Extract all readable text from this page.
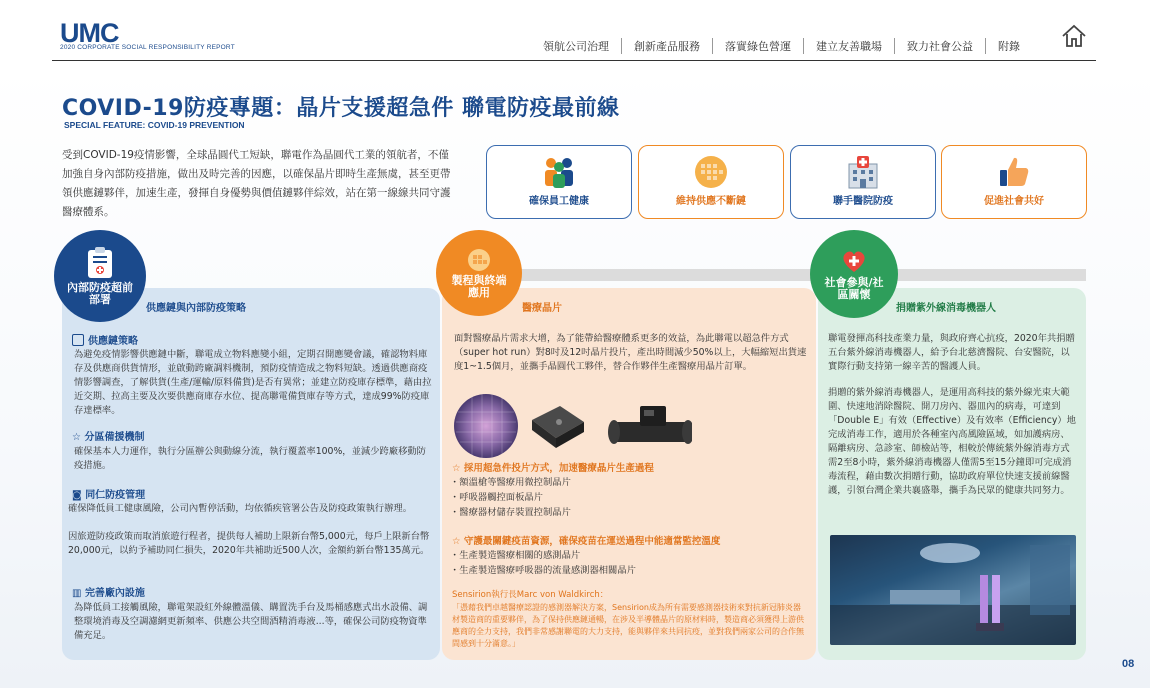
UMC
2020 CORPORATE SOCIAL RESPONSIBILITY REPORT	領航公司治理	創新產品服務	落實綠色營運	建立友善職場	致力社會公益	附錄
COVID-19防疫專題：晶片支援超急件 聯電防疫最前線
SPECIAL FEATURE: COVID-19 PREVENTION
受到COVID-19疫情影響，全球晶圓代工短缺，聯電作為晶圓代工業的領航者，不僅加強自身內部防疫措施，做出及時完善的因應，以確保晶片即時生產無虞，甚至更帶領供應鏈夥伴，加速生產，發揮自身優勢與價值鏈夥伴綜效，站在第一線線共同守護醫療體系。
確保員工健康	維持供應不斷鏈	聯手醫院防疫	促進社會共好
內部防疫超前部署
供應鏈與內部防疫策略
供應鏈策略
為避免疫情影響供應鏈中斷，聯電成立物料應變小組，定期召開應變會議，確認物料庫存及供應商供貨情形，並啟動跨廠調料機制，預防疫情造成之物料短缺。透過供應商疫情影響調查，了解供貨(生產/運輸/原料備貨)是否有異常；並建立防疫庫存標準，藉由拉近交期、拉高主要及次要供應商庫存水位、提高聯電備貨庫存等方式，達成99%防疫庫存達標率。
☆ 分區備援機制
確保基本人力運作，執行分區辦公與動線分流，執行覆蓋率100%，並減少跨廠移動防疫措施。
◙ 同仁防疫管理
確保降低員工健康風險，公司內暫停活動，均依循疾管署公告及防疫政策執行辦理。
因旅遊防疫政策而取消旅遊行程者，提供每人補助上限新台幣5,000元，每戶上限新台幣20,000元，以約予補助同仁損失，2020年共補助近500人次，金額約新台幣135萬元。
▥ 完善廠內設施
為降低員工接觸風險，聯電架設紅外線體溫儀、購置洗手台及馬桶感應式出水設備、調整環境消毒及空調濾網更新頻率、供應公共空間酒精消毒液...等，確保公司防疫物資準備充足。
製程與終端應用
醫療晶片
面對醫療晶片需求大增，為了能帶給醫療體系更多的效益，為此聯電以超急件方式（super hot run）對8吋及12吋晶片投片，產出時間減少50%以上，大幅縮短出貨速度1~1.5個月，並攜手晶圓代工夥伴，替合作夥伴生產醫療用晶片訂單。
☆ 採用超急件投片方式，加速醫療晶片生產過程
・額溫槍等醫療用微控制晶片
・呼吸器觸控面板晶片
・醫療器材儲存裝置控制晶片
☆ 守護最關鍵疫苗資源，確保疫苗在運送過程中能適當監控溫度
・生產製造醫療相關的感測晶片
・生產製造醫療呼吸器的流量感測器相關晶片
Sensirion執行長Marc von Waldkirch：
「憑藉我們卓越醫療認證的感測器解決方案，Sensirion成為所有需要感測器技術來對抗新冠肺炎器材製造商的重要夥伴，為了保持供應鏈通暢，在涉及半導體晶片的原材料時，製造商必須獲得上游供應商的全力支持，我們非常感謝聯電的大力支持，能與夥伴來共同抗疫，並對我們兩家公司的合作無間感到十分滿意。」
社會參與/社區關懷
捐贈紫外線消毒機器人
聯電發揮高科技產業力量，與政府齊心抗疫，2020年共捐贈五台紫外線消毒機器人，給予台北慈濟醫院、台安醫院，以實際行動支持第一線辛苦的醫護人員。
捐贈的紫外線消毒機器人，是運用高科技的紫外線光束大範圍、快速地消除醫院、開刀房內、器皿內的病毒，可達到「Double E」有效（Effective）及有效率（Efficiency）地完成消毒工作，適用於各種室內高風險區域，如加護病房、隔離病房、急診室、師檢站等，相較於傳統紫外線消毒方式需2至8小時，紫外線消毒機器人僅需5至15分鐘即可完成消毒流程，藉由數次捐贈行動，協助政府單位快速支援前線醫護，引領台灣企業共襄盛舉，攜手為民眾的健康共同努力。
08
